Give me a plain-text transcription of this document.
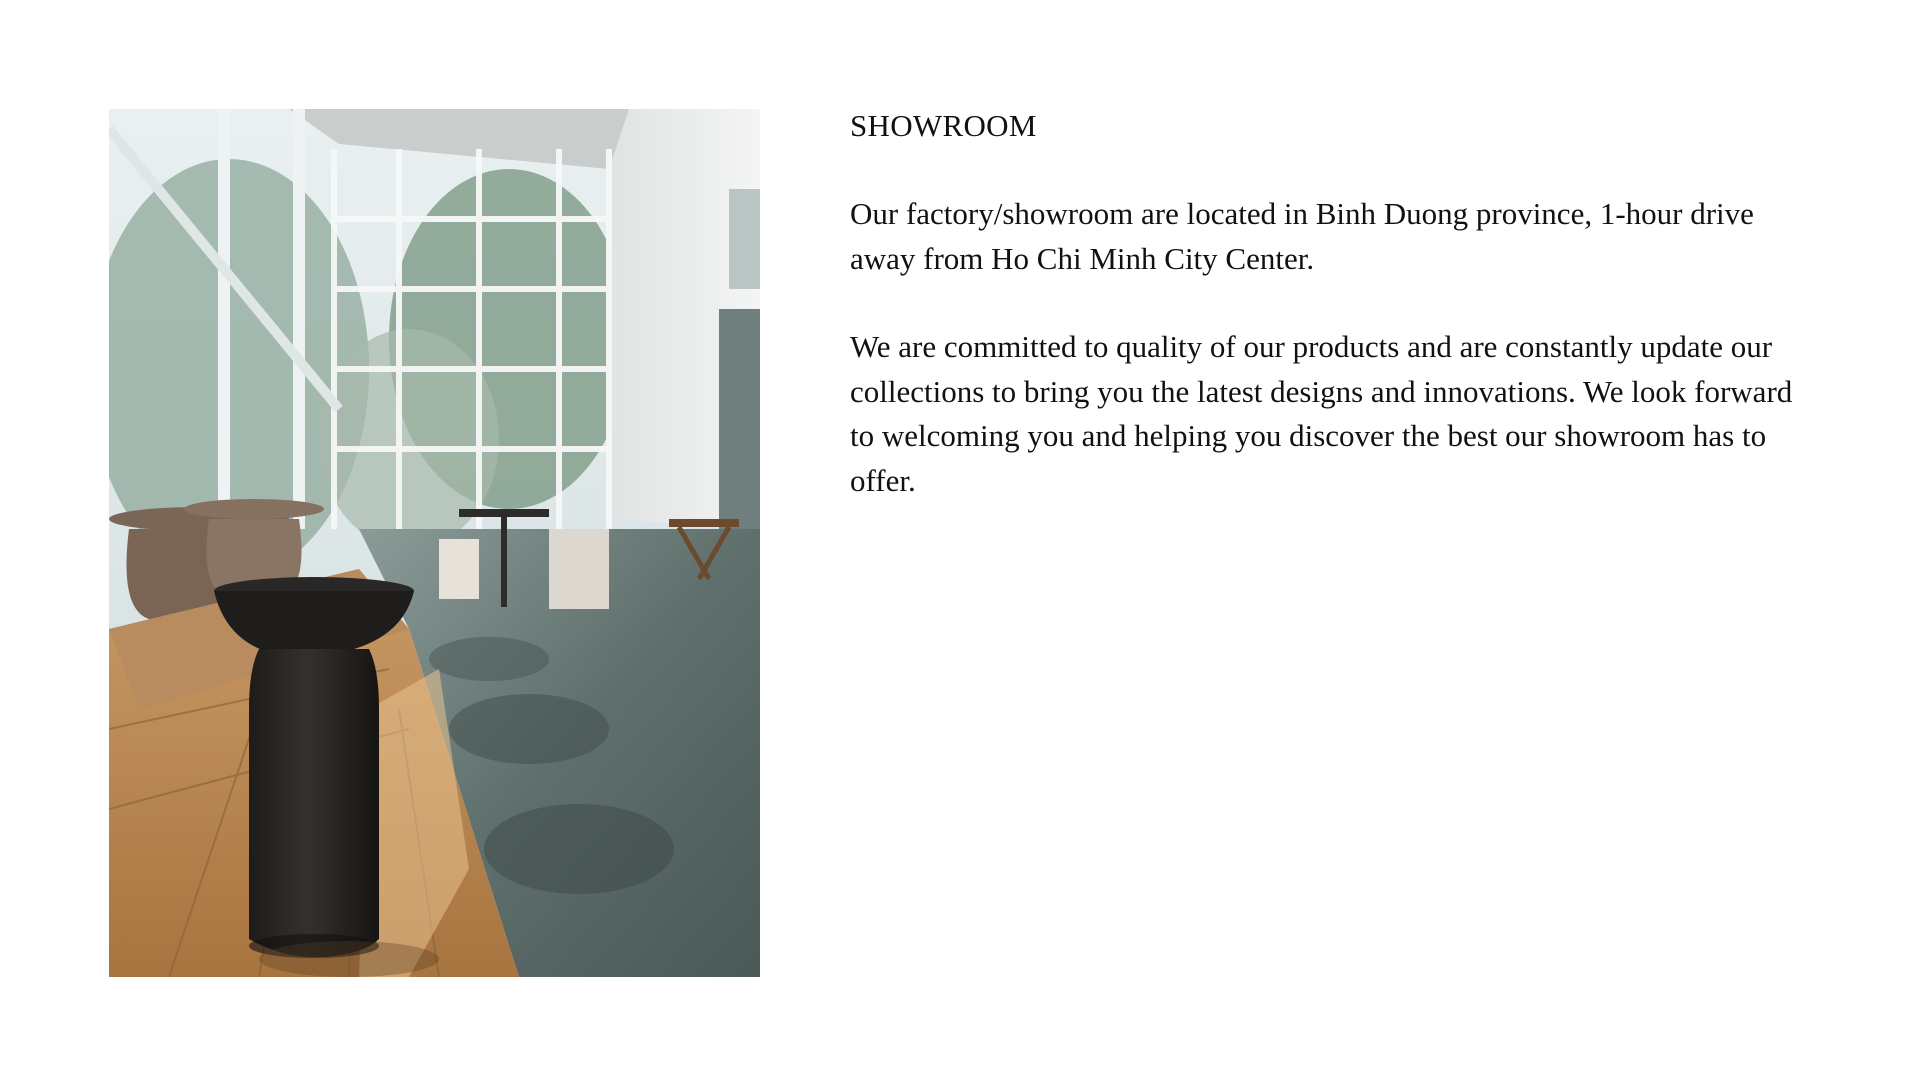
SHOWROOM

Our factory/showroom are located in Binh Duong province, 1-hour drive away from Ho Chi Minh City Center.

We are committed to quality of our products and are constantly update our collections to bring you the latest designs and innovations. We look forward to welcoming you and helping you discover the best our showroom has to offer.
